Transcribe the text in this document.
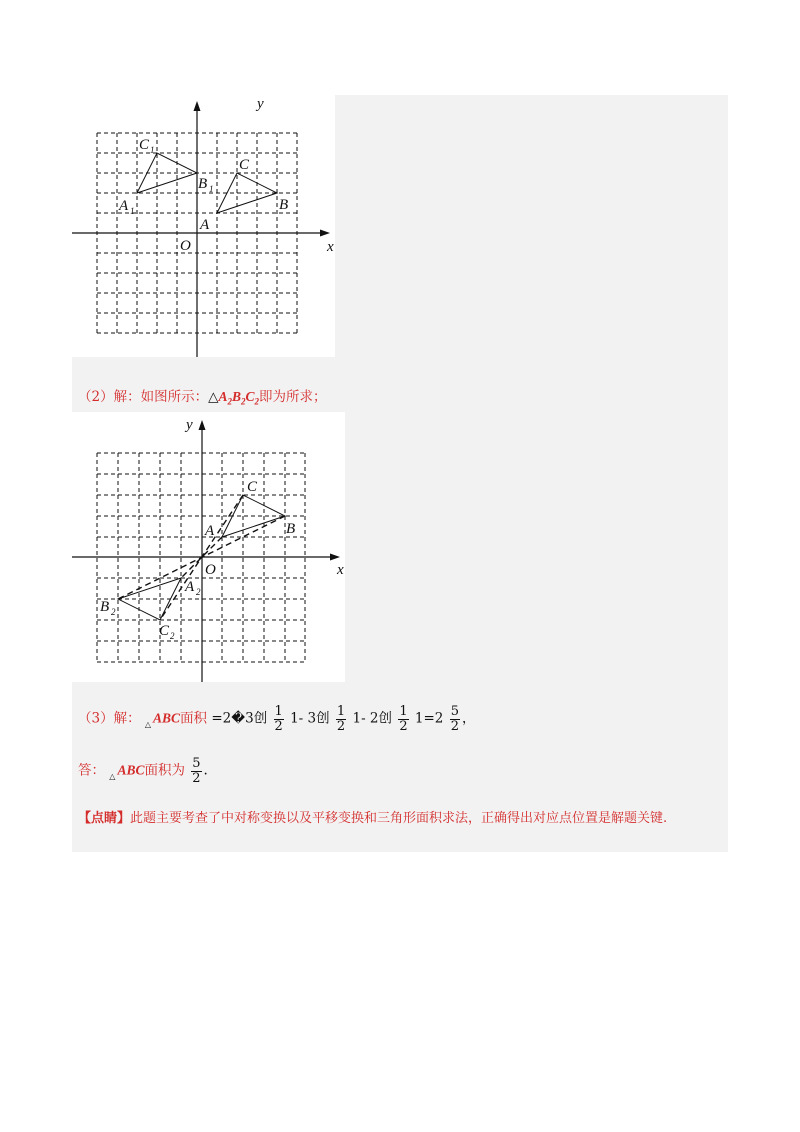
y
x
O
C 1
A 1
B 1
C
B
A
（2）解：如图所示：$\triangle A_2B_2C_2$即为所求；
y
x
O
C
B
A
A 2
B 2
C 2
（3）解： $_\triangle$ ABC面积 =2�3创 $\frac{1}{2} 1-$ 3创 $\frac{1}{2} 1-$ 2创 $\frac{1}{2} 1=2 \frac{5}{2}$ ，
答： $_\triangle$ ABC面积为 $\frac{5}{2}$ .
【点睛】此题主要考查了中对称变换以及平移变换和三角形面积求法，正确得出对应点位置是解题关键.
